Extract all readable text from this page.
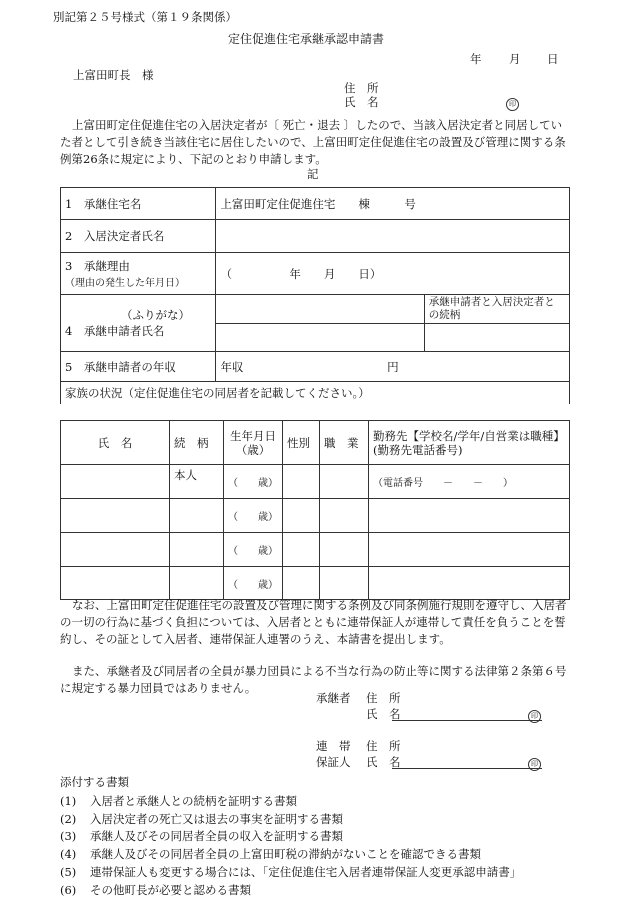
別記第２５号様式（第１９条関係）
定住促進住宅承継承認申請書
年 月 日
上富田町長　様
住　所
氏　名	印
上富田町定住促進住宅の入居決定者が〔 死亡・退去 〕したので、当該入居決定者と同居していた者として引き続き当該住宅に居住したいので、上富田町定住促進住宅の設置及び管理に関する条例第26条に規定により、下記のとおり申請します。
記
1　承継住宅名	上富田町定住促進住宅　　棟　　　号	
2　入居決定者氏名		

3　承継理由
（理由の発生した年月日）	（　　　　　年　　月　　日）	

（ふりがな）
4　承継申請者氏名		承継申請者と入居決定者との続柄

5　承継申請者の年収	年収 円	
家族の状況（定住促進住宅の同居者を記載してください。）		
氏　名	続　柄	生年月日（歳）	性別	職　業	勤務先【学校名/学年/自営業は職種】(勤務先電話番号)
	本人	（　　歳）			（電話番号　　－　　－　　）
		（　　歳）			
		（　　歳）			
		（　　歳）			
なお、上富田町定住促進住宅の設置及び管理に関する条例及び同条例施行規則を遵守し、入居者の一切の行為に基づく負担については、入居者とともに連帯保証人が連帯して責任を負うことを誓約し、その証として入居者、連帯保証人連署のうえ、本請書を提出します。
また、承継者及び同居者の全員が暴力団員による不当な行為の防止等に関する法律第２条第６号に規定する暴力団員ではありません。
承継者 住　所
氏　名	印
連　帯 住　所
保証人 氏　名	印
添付する書類
(1) 入居者と承継人との続柄を証明する書類
(2) 入居決定者の死亡又は退去の事実を証明する書類
(3) 承継人及びその同居者全員の収入を証明する書類
(4) 承継人及びその同居者全員の上富田町税の滞納がないことを確認できる書類
(5) 連帯保証人も変更する場合には、「定住促進住宅入居者連帯保証人変更承認申請書」
(6) その他町長が必要と認める書類
